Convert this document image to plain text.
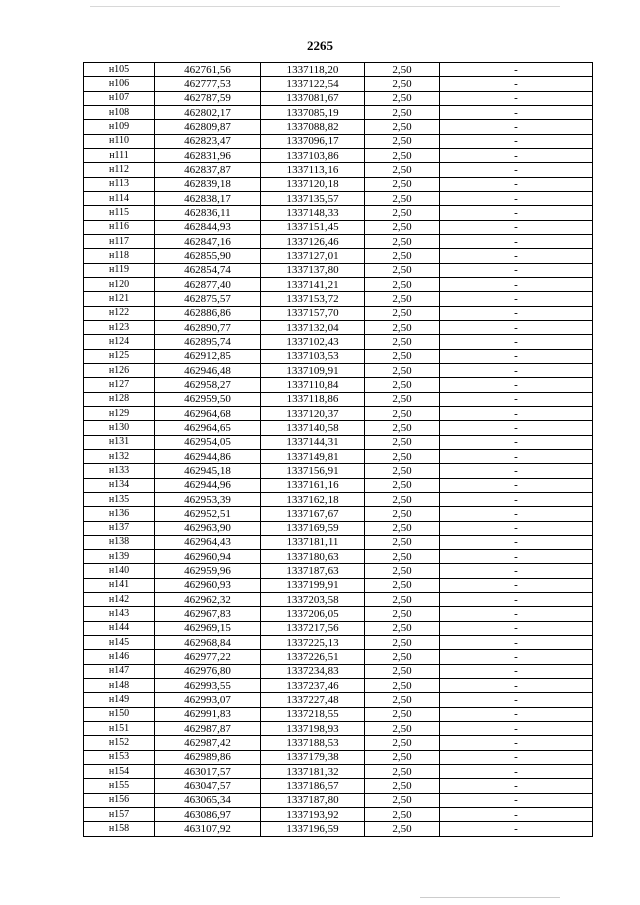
2265
н105	462761,56	1337118,20	2,50	-
н106	462777,53	1337122,54	2,50	-
н107	462787,59	1337081,67	2,50	-
н108	462802,17	1337085,19	2,50	-
н109	462809,87	1337088,82	2,50	-
н110	462823,47	1337096,17	2,50	-
н111	462831,96	1337103,86	2,50	-
н112	462837,87	1337113,16	2,50	-
н113	462839,18	1337120,18	2,50	-
н114	462838,17	1337135,57	2,50	-
н115	462836,11	1337148,33	2,50	-
н116	462844,93	1337151,45	2,50	-
н117	462847,16	1337126,46	2,50	-
н118	462855,90	1337127,01	2,50	-
н119	462854,74	1337137,80	2,50	-
н120	462877,40	1337141,21	2,50	-
н121	462875,57	1337153,72	2,50	-
н122	462886,86	1337157,70	2,50	-
н123	462890,77	1337132,04	2,50	-
н124	462895,74	1337102,43	2,50	-
н125	462912,85	1337103,53	2,50	-
н126	462946,48	1337109,91	2,50	-
н127	462958,27	1337110,84	2,50	-
н128	462959,50	1337118,86	2,50	-
н129	462964,68	1337120,37	2,50	-
н130	462964,65	1337140,58	2,50	-
н131	462954,05	1337144,31	2,50	-
н132	462944,86	1337149,81	2,50	-
н133	462945,18	1337156,91	2,50	-
н134	462944,96	1337161,16	2,50	-
н135	462953,39	1337162,18	2,50	-
н136	462952,51	1337167,67	2,50	-
н137	462963,90	1337169,59	2,50	-
н138	462964,43	1337181,11	2,50	-
н139	462960,94	1337180,63	2,50	-
н140	462959,96	1337187,63	2,50	-
н141	462960,93	1337199,91	2,50	-
н142	462962,32	1337203,58	2,50	-
н143	462967,83	1337206,05	2,50	-
н144	462969,15	1337217,56	2,50	-
н145	462968,84	1337225,13	2,50	-
н146	462977,22	1337226,51	2,50	-
н147	462976,80	1337234,83	2,50	-
н148	462993,55	1337237,46	2,50	-
н149	462993,07	1337227,48	2,50	-
н150	462991,83	1337218,55	2,50	-
н151	462987,87	1337198,93	2,50	-
н152	462987,42	1337188,53	2,50	-
н153	462989,86	1337179,38	2,50	-
н154	463017,57	1337181,32	2,50	-
н155	463047,57	1337186,57	2,50	-
н156	463065,34	1337187,80	2,50	-
н157	463086,97	1337193,92	2,50	-
н158	463107,92	1337196,59	2,50	-
